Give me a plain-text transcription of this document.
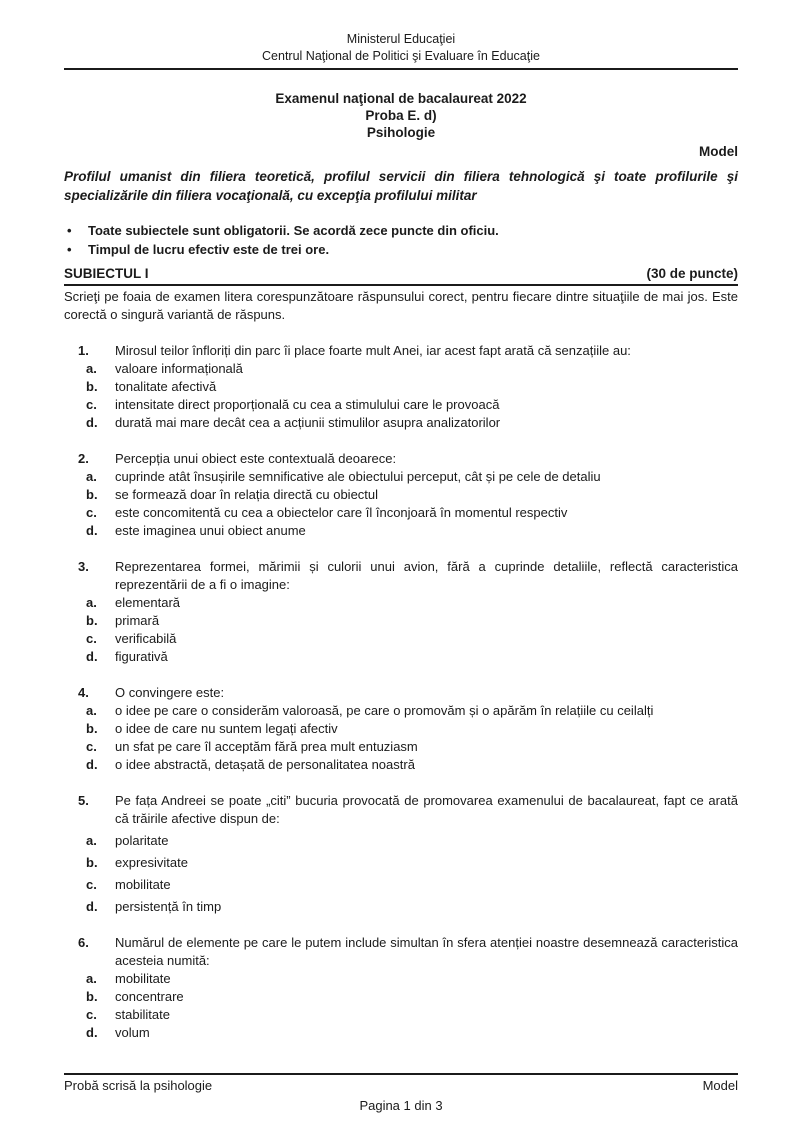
Ministerul Educaţiei
Centrul Naţional de Politici şi Evaluare în Educaţie
Examenul naţional de bacalaureat 2022
Proba E. d)
Psihologie
Model

Profilul umanist din filiera teoretică, profilul servicii din filiera tehnologică şi toate profilurile şi specializările din filiera vocaţională, cu excepţia profilului militar

•	Toate subiectele sunt obligatorii. Se acordă zece puncte din oficiu.
•	Timpul de lucru efectiv este de trei ore.
SUBIECTUL I	(30 de puncte)

Scrieţi pe foaia de examen litera corespunzătoare răspunsului corect, pentru fiecare dintre situaţiile de mai jos. Este corectă o singură variantă de răspuns.

1.	Mirosul teilor înfloriți din parc îi place foarte mult Anei, iar acest fapt arată că senzațiile au:
a.	valoare informațională
b.	tonalitate afectivă
c.	intensitate direct proporțională cu cea a stimulului care le provoacă
d.	durată mai mare decât cea a acțiunii stimulilor asupra analizatorilor
2.	Percepția unui obiect este contextuală deoarece:
a.	cuprinde atât însușirile semnificative ale obiectului perceput, cât și pe cele de detaliu
b.	se formează doar în relația directă cu obiectul
c.	este concomitentă cu cea a obiectelor care îl înconjoară în momentul respectiv
d.	este imaginea unui obiect anume
3.	Reprezentarea formei, mărimii și culorii unui avion, fără a cuprinde detaliile, reflectă caracteristica reprezentării de a fi o imagine:
a.	elementară
b.	primară
c.	verificabilă
d.	figurativă
4.	O convingere este:
a.	o idee pe care o considerăm valoroasă, pe care o promovăm și o apărăm în relațiile cu ceilalți
b.	o idee de care nu suntem legați afectiv
c.	un sfat pe care îl acceptăm fără prea mult entuziasm
d.	o idee abstractă, detașată de personalitatea noastră
5.	Pe fața Andreei se poate „citi” bucuria provocată de promovarea examenului de bacalaureat, fapt ce arată că trăirile afective dispun de:
a.	polaritate
b.	expresivitate
c.	mobilitate
d.	persistență în timp
6.	Numărul de elemente pe care le putem include simultan în sfera atenției noastre desemnează caracteristica acesteia numită:
a.	mobilitate
b.	concentrare
c.	stabilitate
d.	volum
Probă scrisă la psihologie	Model
Pagina 1 din 3
